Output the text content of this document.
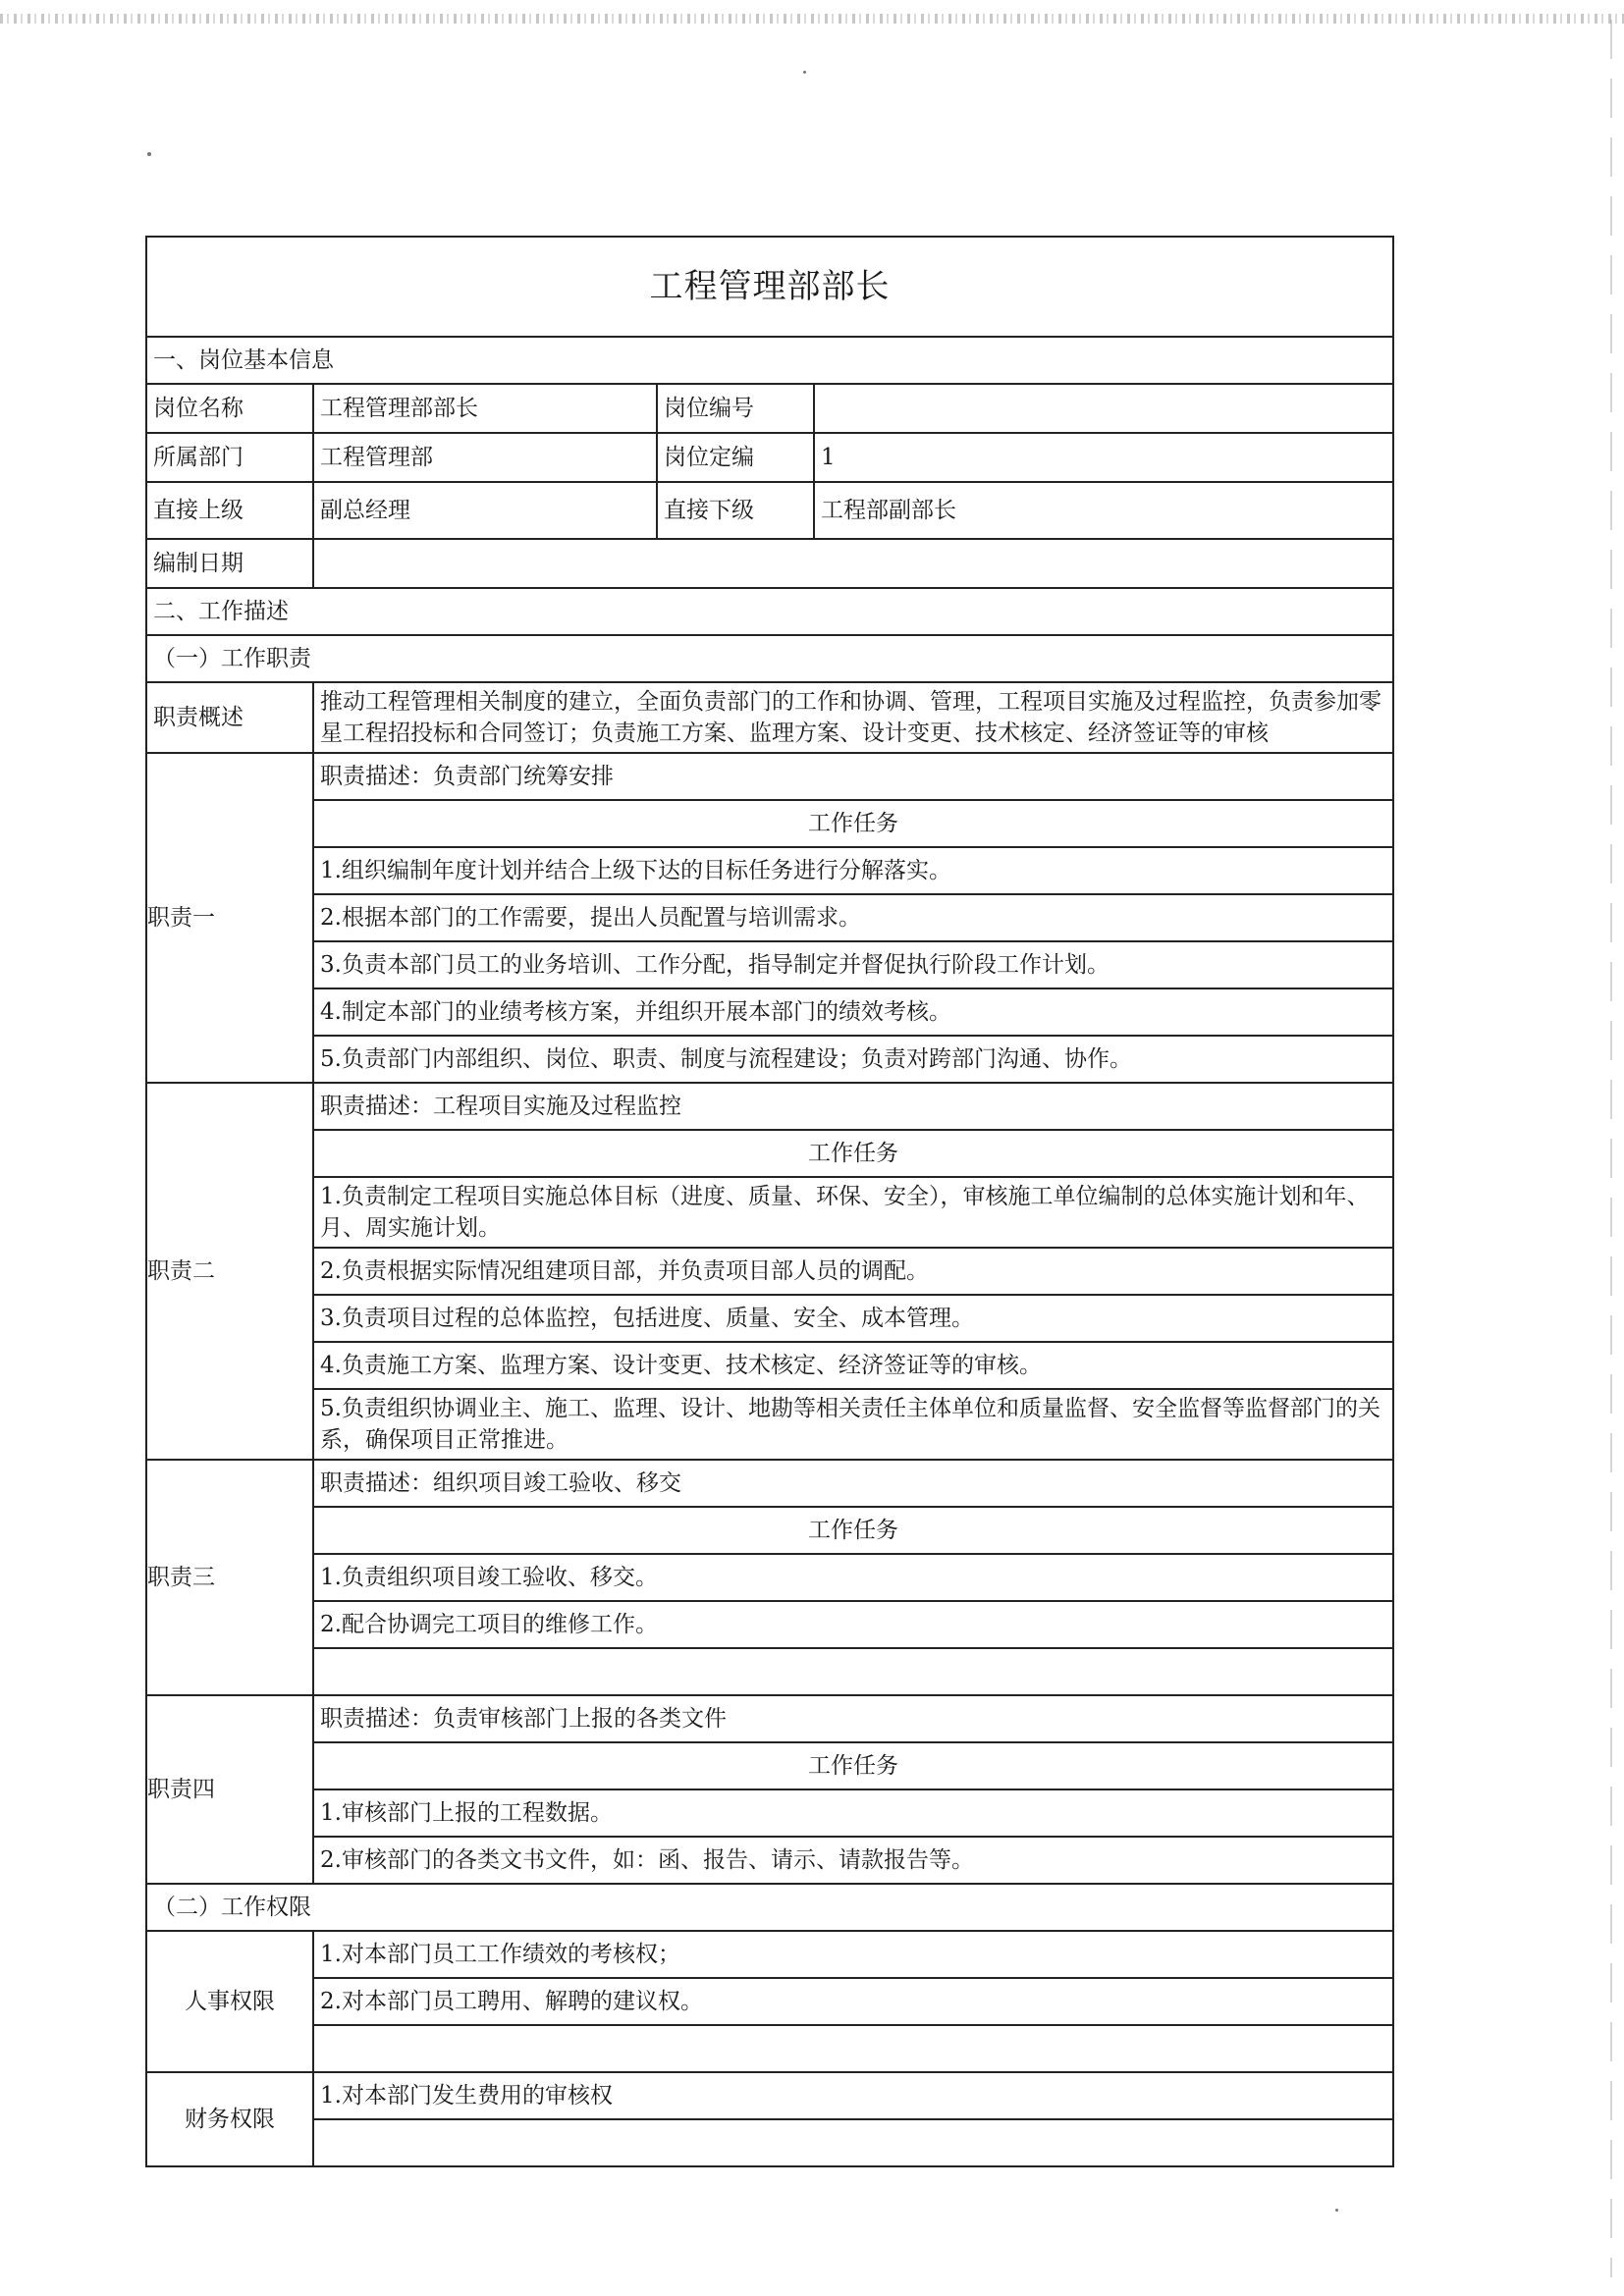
工程管理部部长			
一、岗位基本信息			
岗位名称	工程管理部部长	岗位编号	
所属部门	工程管理部	岗位定编	1
直接上级	副总经理	直接下级	工程部副部长
编制日期			
二、工作描述			
（一）工作职责			
职责概述	推动工程管理相关制度的建立，全面负责部门的工作和协调、管理，工程项目实施及过程监控，负责参加零星工程招投标和合同签订；负责施工方案、监理方案、设计变更、技术核定、经济签证等的审核		
职责一	职责描述：负责部门统筹安排		
	工作任务		
	1.组织编制年度计划并结合上级下达的目标任务进行分解落实。		
	2.根据本部门的工作需要，提出人员配置与培训需求。		
	3.负责本部门员工的业务培训、工作分配，指导制定并督促执行阶段工作计划。		
	4.制定本部门的业绩考核方案，并组织开展本部门的绩效考核。		
	5.负责部门内部组织、岗位、职责、制度与流程建设；负责对跨部门沟通、协作。		
职责二	职责描述：工程项目实施及过程监控		
	工作任务		
	1.负责制定工程项目实施总体目标（进度、质量、环保、安全），审核施工单位编制的总体实施计划和年、月、周实施计划。		
	2.负责根据实际情况组建项目部，并负责项目部人员的调配。		
	3.负责项目过程的总体监控，包括进度、质量、安全、成本管理。		
	4.负责施工方案、监理方案、设计变更、技术核定、经济签证等的审核。		
	5.负责组织协调业主、施工、监理、设计、地勘等相关责任主体单位和质量监督、安全监督等监督部门的关系，确保项目正常推进。		
职责三	职责描述：组织项目竣工验收、移交		
	工作任务		
	1.负责组织项目竣工验收、移交。		
	2.配合协调完工项目的维修工作。		

职责四	职责描述：负责审核部门上报的各类文件		
	工作任务		
	1.审核部门上报的工程数据。		
	2.审核部门的各类文书文件，如：函、报告、请示、请款报告等。		
（二）工作权限			
人事权限	1.对本部门员工工作绩效的考核权；		
	2.对本部门员工聘用、解聘的建议权。		

财务权限	1.对本部门发生费用的审核权		
